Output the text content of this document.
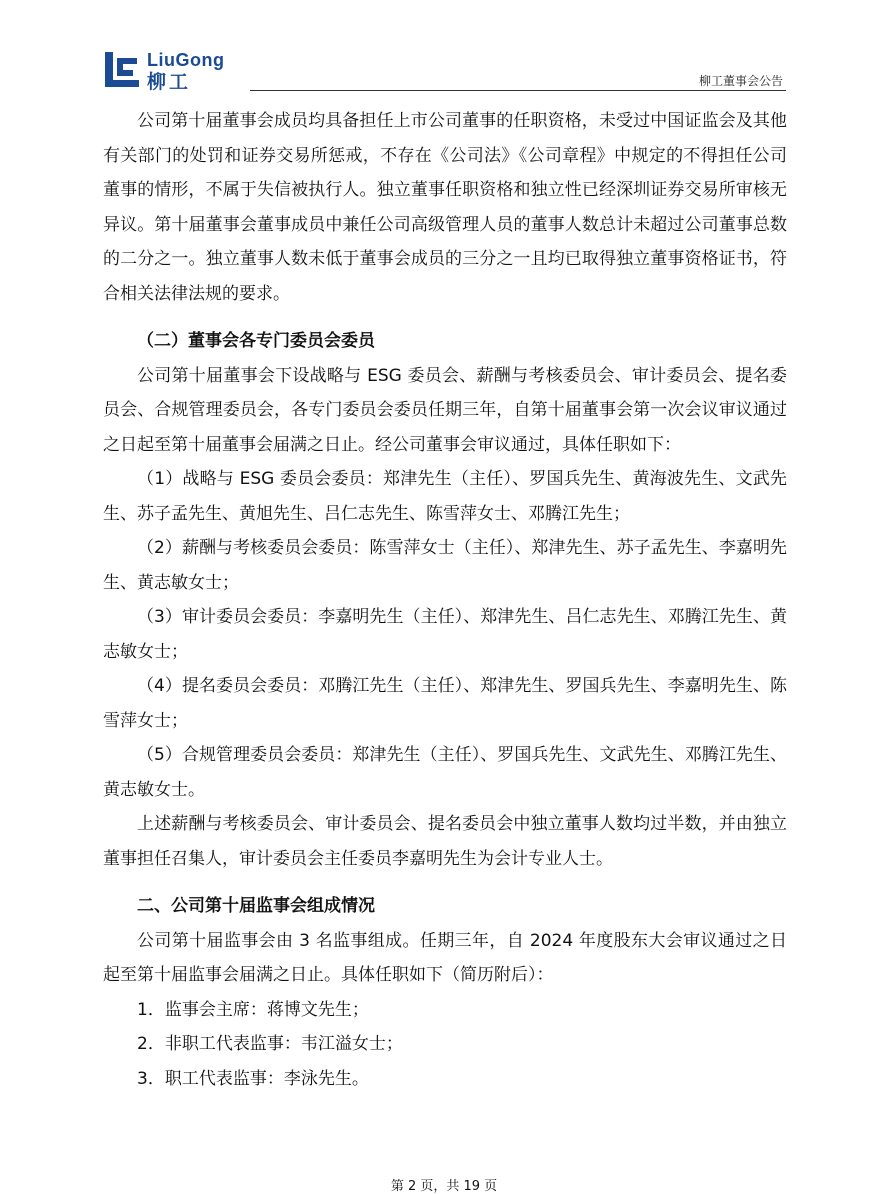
LiuGong
柳工	柳工董事会公告

公司第十届董事会成员均具备担任上市公司董事的任职资格，未受过中国证监会及其他有关部门的处罚和证券交易所惩戒，不存在《公司法》《公司章程》中规定的不得担任公司董事的情形，不属于失信被执行人。独立董事任职资格和独立性已经深圳证券交易所审核无异议。第十届董事会董事成员中兼任公司高级管理人员的董事人数总计未超过公司董事总数的二分之一。独立董事人数未低于董事会成员的三分之一且均已取得独立董事资格证书，符合相关法律法规的要求。

（二）董事会各专门委员会委员

公司第十届董事会下设战略与 ESG 委员会、薪酬与考核委员会、审计委员会、提名委员会、合规管理委员会，各专门委员会委员任期三年，自第十届董事会第一次会议审议通过之日起至第十届董事会届满之日止。经公司董事会审议通过，具体任职如下：

（1）战略与 ESG 委员会委员：郑津先生（主任）、罗国兵先生、黄海波先生、文武先生、苏子孟先生、黄旭先生、吕仁志先生、陈雪萍女士、邓腾江先生；

（2）薪酬与考核委员会委员：陈雪萍女士（主任）、郑津先生、苏子孟先生、李嘉明先生、黄志敏女士；

（3）审计委员会委员：李嘉明先生（主任）、郑津先生、吕仁志先生、邓腾江先生、黄志敏女士；

（4）提名委员会委员：邓腾江先生（主任）、郑津先生、罗国兵先生、李嘉明先生、陈雪萍女士；

（5）合规管理委员会委员：郑津先生（主任）、罗国兵先生、文武先生、邓腾江先生、黄志敏女士。

上述薪酬与考核委员会、审计委员会、提名委员会中独立董事人数均过半数，并由独立董事担任召集人，审计委员会主任委员李嘉明先生为会计专业人士。

二、公司第十届监事会组成情况

公司第十届监事会由 3 名监事组成。任期三年，自 2024 年度股东大会审议通过之日起至第十届监事会届满之日止。具体任职如下（简历附后）：

1．监事会主席：蒋博文先生；

2．非职工代表监事：韦江溢女士；

3．职工代表监事：李泳先生。

第 2 页，共 19 页
